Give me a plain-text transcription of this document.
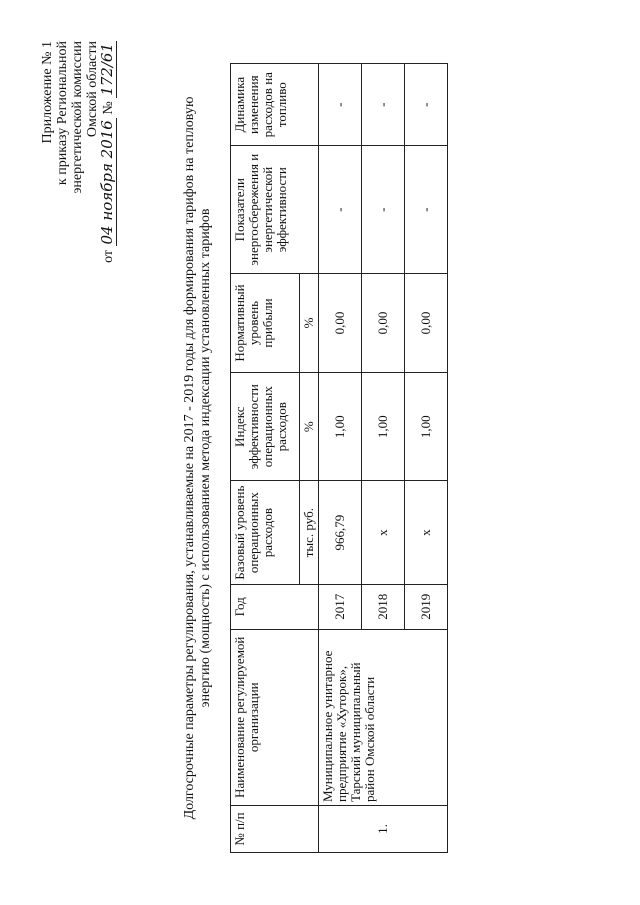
Приложение № 1 к приказу Региональной энергетической комиссии Омской области
от 04 ноября 2016 № 172/61
Долгосрочные параметры регулирования, устанавливаемые на 2017 - 2019 годы для формирования тарифов на тепловую энергию (мощность) с использованием метода индексации установленных тарифов
№ п/п	Наименование регулируемой организации	Год	Базовый уровень операционных расходов	Индекс эффективности операционных расходов	Нормативный уровень прибыли	Показатели энергосбережения и энергетической эффективности	Динамика изменения расходов на топливо
			тыс. руб.	%	%		
1.	Муниципальное унитарное предприятие «Хуторок», Тарский муниципальный район Омской области	2017	966,79	1,00	0,00	-	-
		2018	x	1,00	0,00	-	-
		2019	x	1,00	0,00	-	-
